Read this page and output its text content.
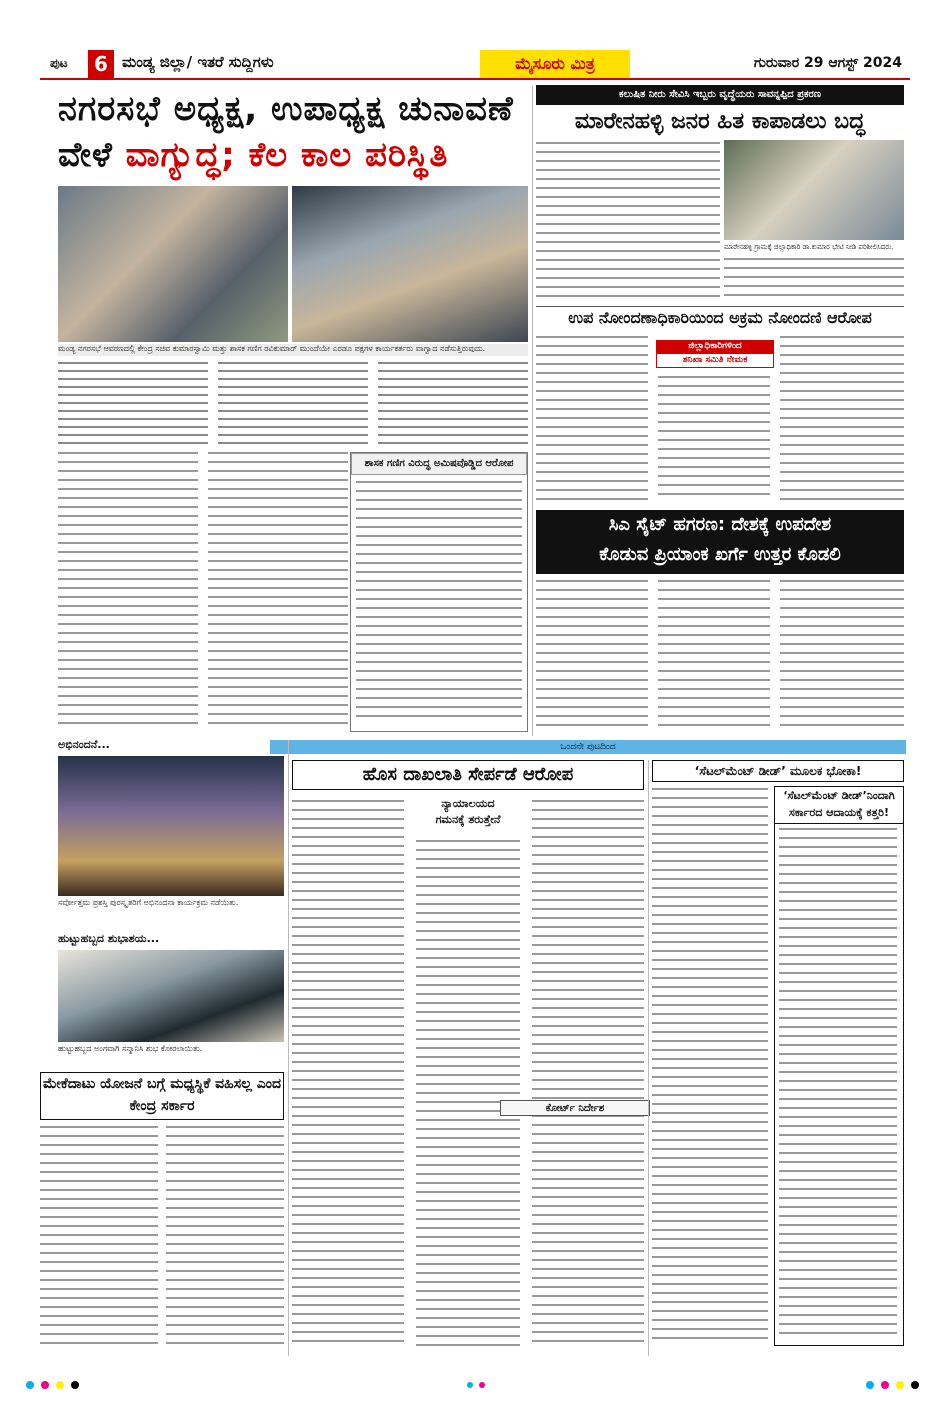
ಪುಟ	6 ಮಂಡ್ಯ ಜಿಲ್ಲಾ/ ಇತರೆ ಸುದ್ದಿಗಳು	ಮೈಸೂರು ಮಿತ್ರ	ಗುರುವಾರ 29 ಆಗಸ್ಟ್ 2024
ನಗರಸಭೆ ಅಧ್ಯಕ್ಷ, ಉಪಾಧ್ಯಕ್ಷ ಚುನಾವಣೆ
ವೇಳೆ ವಾಗ್ಯುದ್ಧ; ಕೆಲ ಕಾಲ ಪರಿಸ್ಥಿತಿ
ಮಂಡ್ಯ ನಗರಸಭೆ ಆವರಣದಲ್ಲಿ ಕೇಂದ್ರ ಸಚಿವ ಕುಮಾರಸ್ವಾಮಿ ಮತ್ತು ಶಾಸಕ ಗಣಿಗ ರವಿಕುಮಾರ್ ಮುಂದೆಯೇ ಎರಡೂ ಪಕ್ಷಗಳ ಕಾರ್ಯಕರ್ತರು ವಾಗ್ವಾದ ನಡೆಸುತ್ತಿರುವುದು.
ಶಾಸಕ ಗಣಿಗ ವಿರುದ್ಧ ಅಮಿಷವೊಡ್ಡಿದ ಆರೋಪ
ಕಲುಷಿತ ನೀರು ಸೇವಿಸಿ ಇಬ್ಬರು ವೃದ್ಧೆಯರು ಸಾವನ್ನಪ್ಪಿದ ಪ್ರಕರಣ
ಮಾರೇನಹಳ್ಳಿ ಜನರ ಹಿತ ಕಾಪಾಡಲು ಬದ್ಧ
ಮಾರೇನಹಳ್ಳಿ ಗ್ರಾಮಕ್ಕೆ ಜಿಲ್ಲಾಧಿಕಾರಿ ಡಾ.ಕುಮಾರ ಭೇಟಿ ನೀಡಿ ಪರಿಶೀಲಿಸಿದರು.
ಉಪ ನೋಂದಣಾಧಿಕಾರಿಯಿಂದ ಅಕ್ರಮ ನೋಂದಣಿ ಆರೋಪ
ಜಿಲ್ಲಾಧಿಕಾರಿಗಳಿಂದ
ತನಿಖಾ ಸಮಿತಿ ನೇಮಕ
ಸಿಎ ಸೈಟ್ ಹಗರಣ: ದೇಶಕ್ಕೆ ಉಪದೇಶ
ಕೊಡುವ ಪ್ರಿಯಾಂಕ ಖರ್ಗೆ ಉತ್ತರ ಕೊಡಲಿ
ಅಭಿನಂದನೆ...
ಸರ್ವೋತ್ತಮ ಪ್ರಶಸ್ತಿ ಪುರಸ್ಕೃತರಿಗೆ ಅಭಿನಂದನಾ ಕಾರ್ಯಕ್ರಮ ನಡೆಯಿತು.
ಹುಟ್ಟುಹಬ್ಬದ ಶುಭಾಶಯ...
ಹುಟ್ಟುಹಬ್ಬದ ಅಂಗವಾಗಿ ಸನ್ಮಾನಿಸಿ ಶುಭ ಕೋರಲಾಯಿತು.
ಮೇಕೆದಾಟು ಯೋಜನೆ ಬಗ್ಗೆ ಮಧ್ಯಸ್ಥಿಕೆ ವಹಿಸಲ್ಲ ಎಂದ ಕೇಂದ್ರ ಸರ್ಕಾರ
ಒಂದನೇ ಪುಟದಿಂದ
ಹೊಸ ದಾಖಲಾತಿ ಸೇರ್ಪಡೆ ಆರೋಪ
ನ್ಯಾಯಾಲಯದ
ಗಮನಕ್ಕೆ ತರುತ್ತೇನೆ
‘ಸೆಟಲ್‌ಮೆಂಟ್ ಡೀಡ್’ ಮೂಲಕ ಭೋಕಾ!
ಕೋರ್ಟ್ ನಿರ್ದೇಶ
‘ಸೆಟಲ್‌ಮೆಂಟ್ ಡೀಡ್’ನಿಂದಾಗಿ ಸರ್ಕಾರದ ಆದಾಯಕ್ಕೆ ಕತ್ತರಿ!
